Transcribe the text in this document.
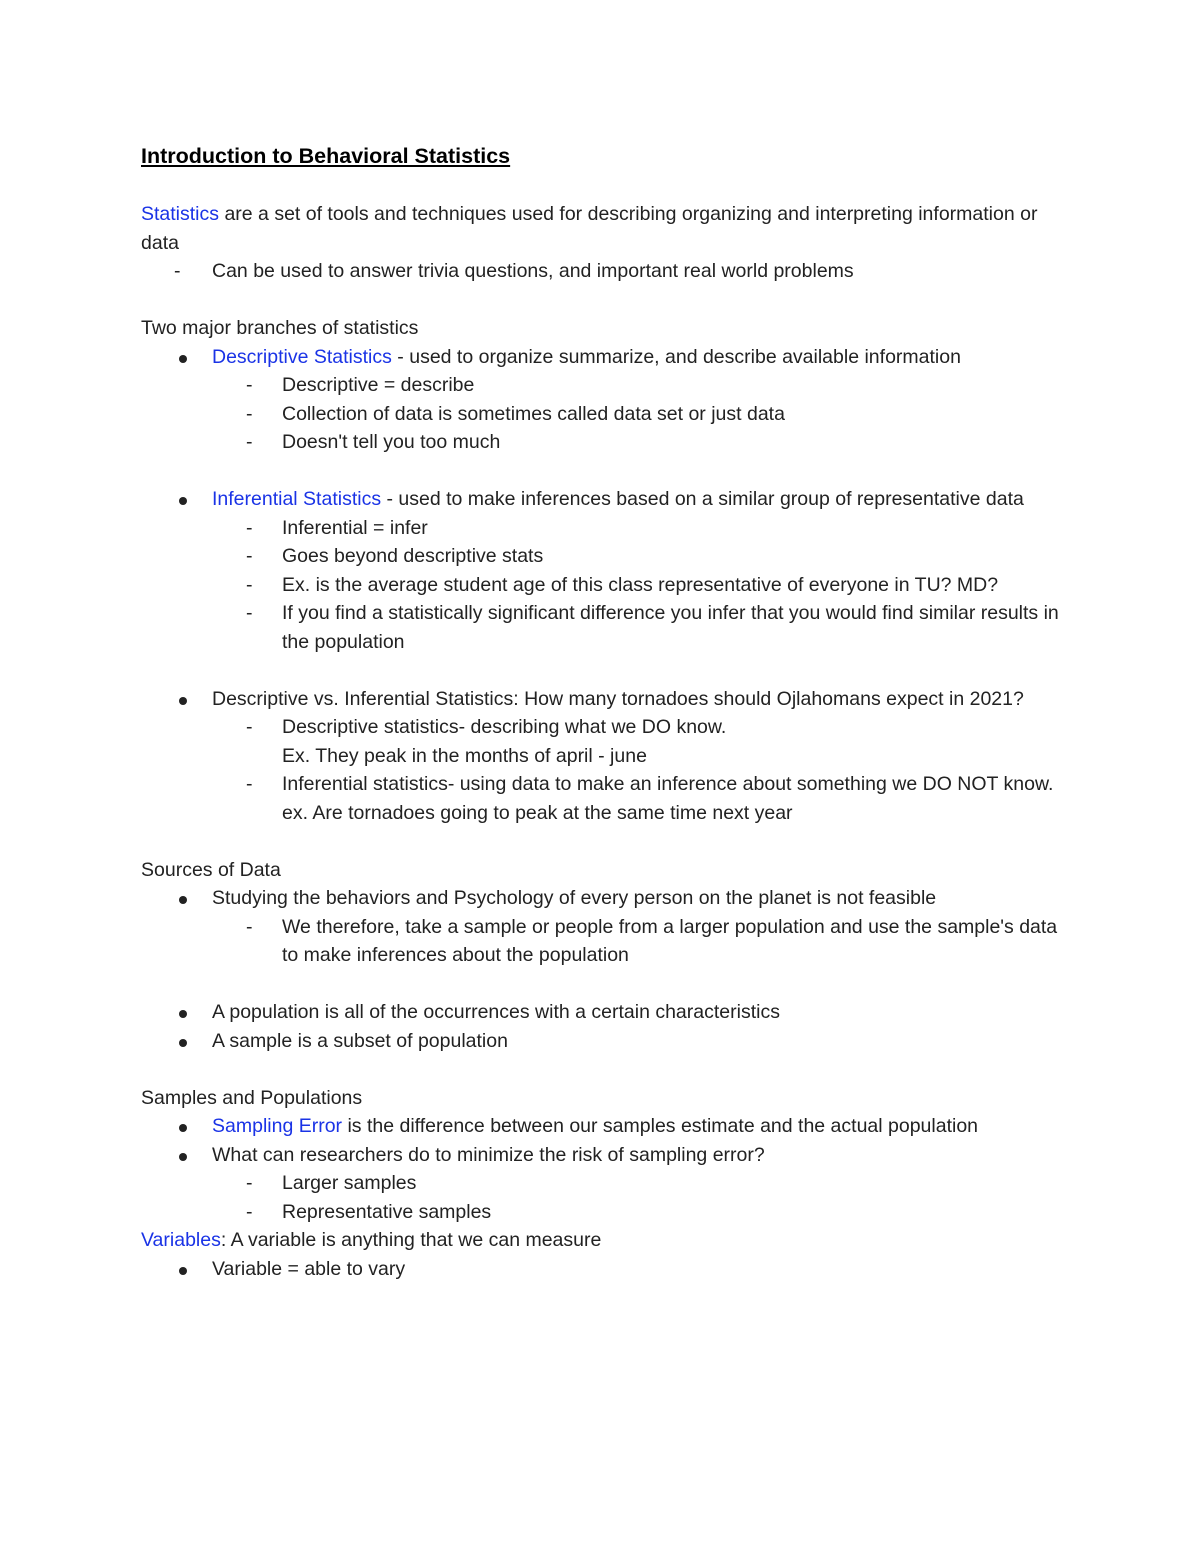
Introduction to Behavioral Statistics

Statistics are a set of tools and techniques used for describing organizing and interpreting information or data

- Can be used to answer trivia questions, and important real world problems

Two major branches of statistics

Descriptive Statistics - used to organize summarize, and describe available information

- Descriptive = describe

- Collection of data is sometimes called data set or just data

- Doesn't tell you too much

Inferential Statistics - used to make inferences based on a similar group of representative data

- Inferential = infer

- Goes beyond descriptive stats

- Ex. is the average student age of this class representative of everyone in TU? MD?

- If you find a statistically significant difference you infer that you would find similar results in the population

Descriptive vs. Inferential Statistics: How many tornadoes should Ojlahomans expect in 2021?

- Descriptive statistics- describing what we DO know.
Ex. They peak in the months of april - june

- Inferential statistics- using data to make an inference about something we DO NOT know.
ex. Are tornadoes going to peak at the same time next year

Sources of Data

Studying the behaviors and Psychology of every person on the planet is not feasible

- We therefore, take a sample or people from a larger population and use the sample's data to make inferences about the population

A population is all of the occurrences with a certain characteristics

A sample is a subset of population

Samples and Populations

Sampling Error is the difference between our samples estimate and the actual population

What can researchers do to minimize the risk of sampling error?

- Larger samples

- Representative samples

Variables: A variable is anything that we can measure

Variable = able to vary
